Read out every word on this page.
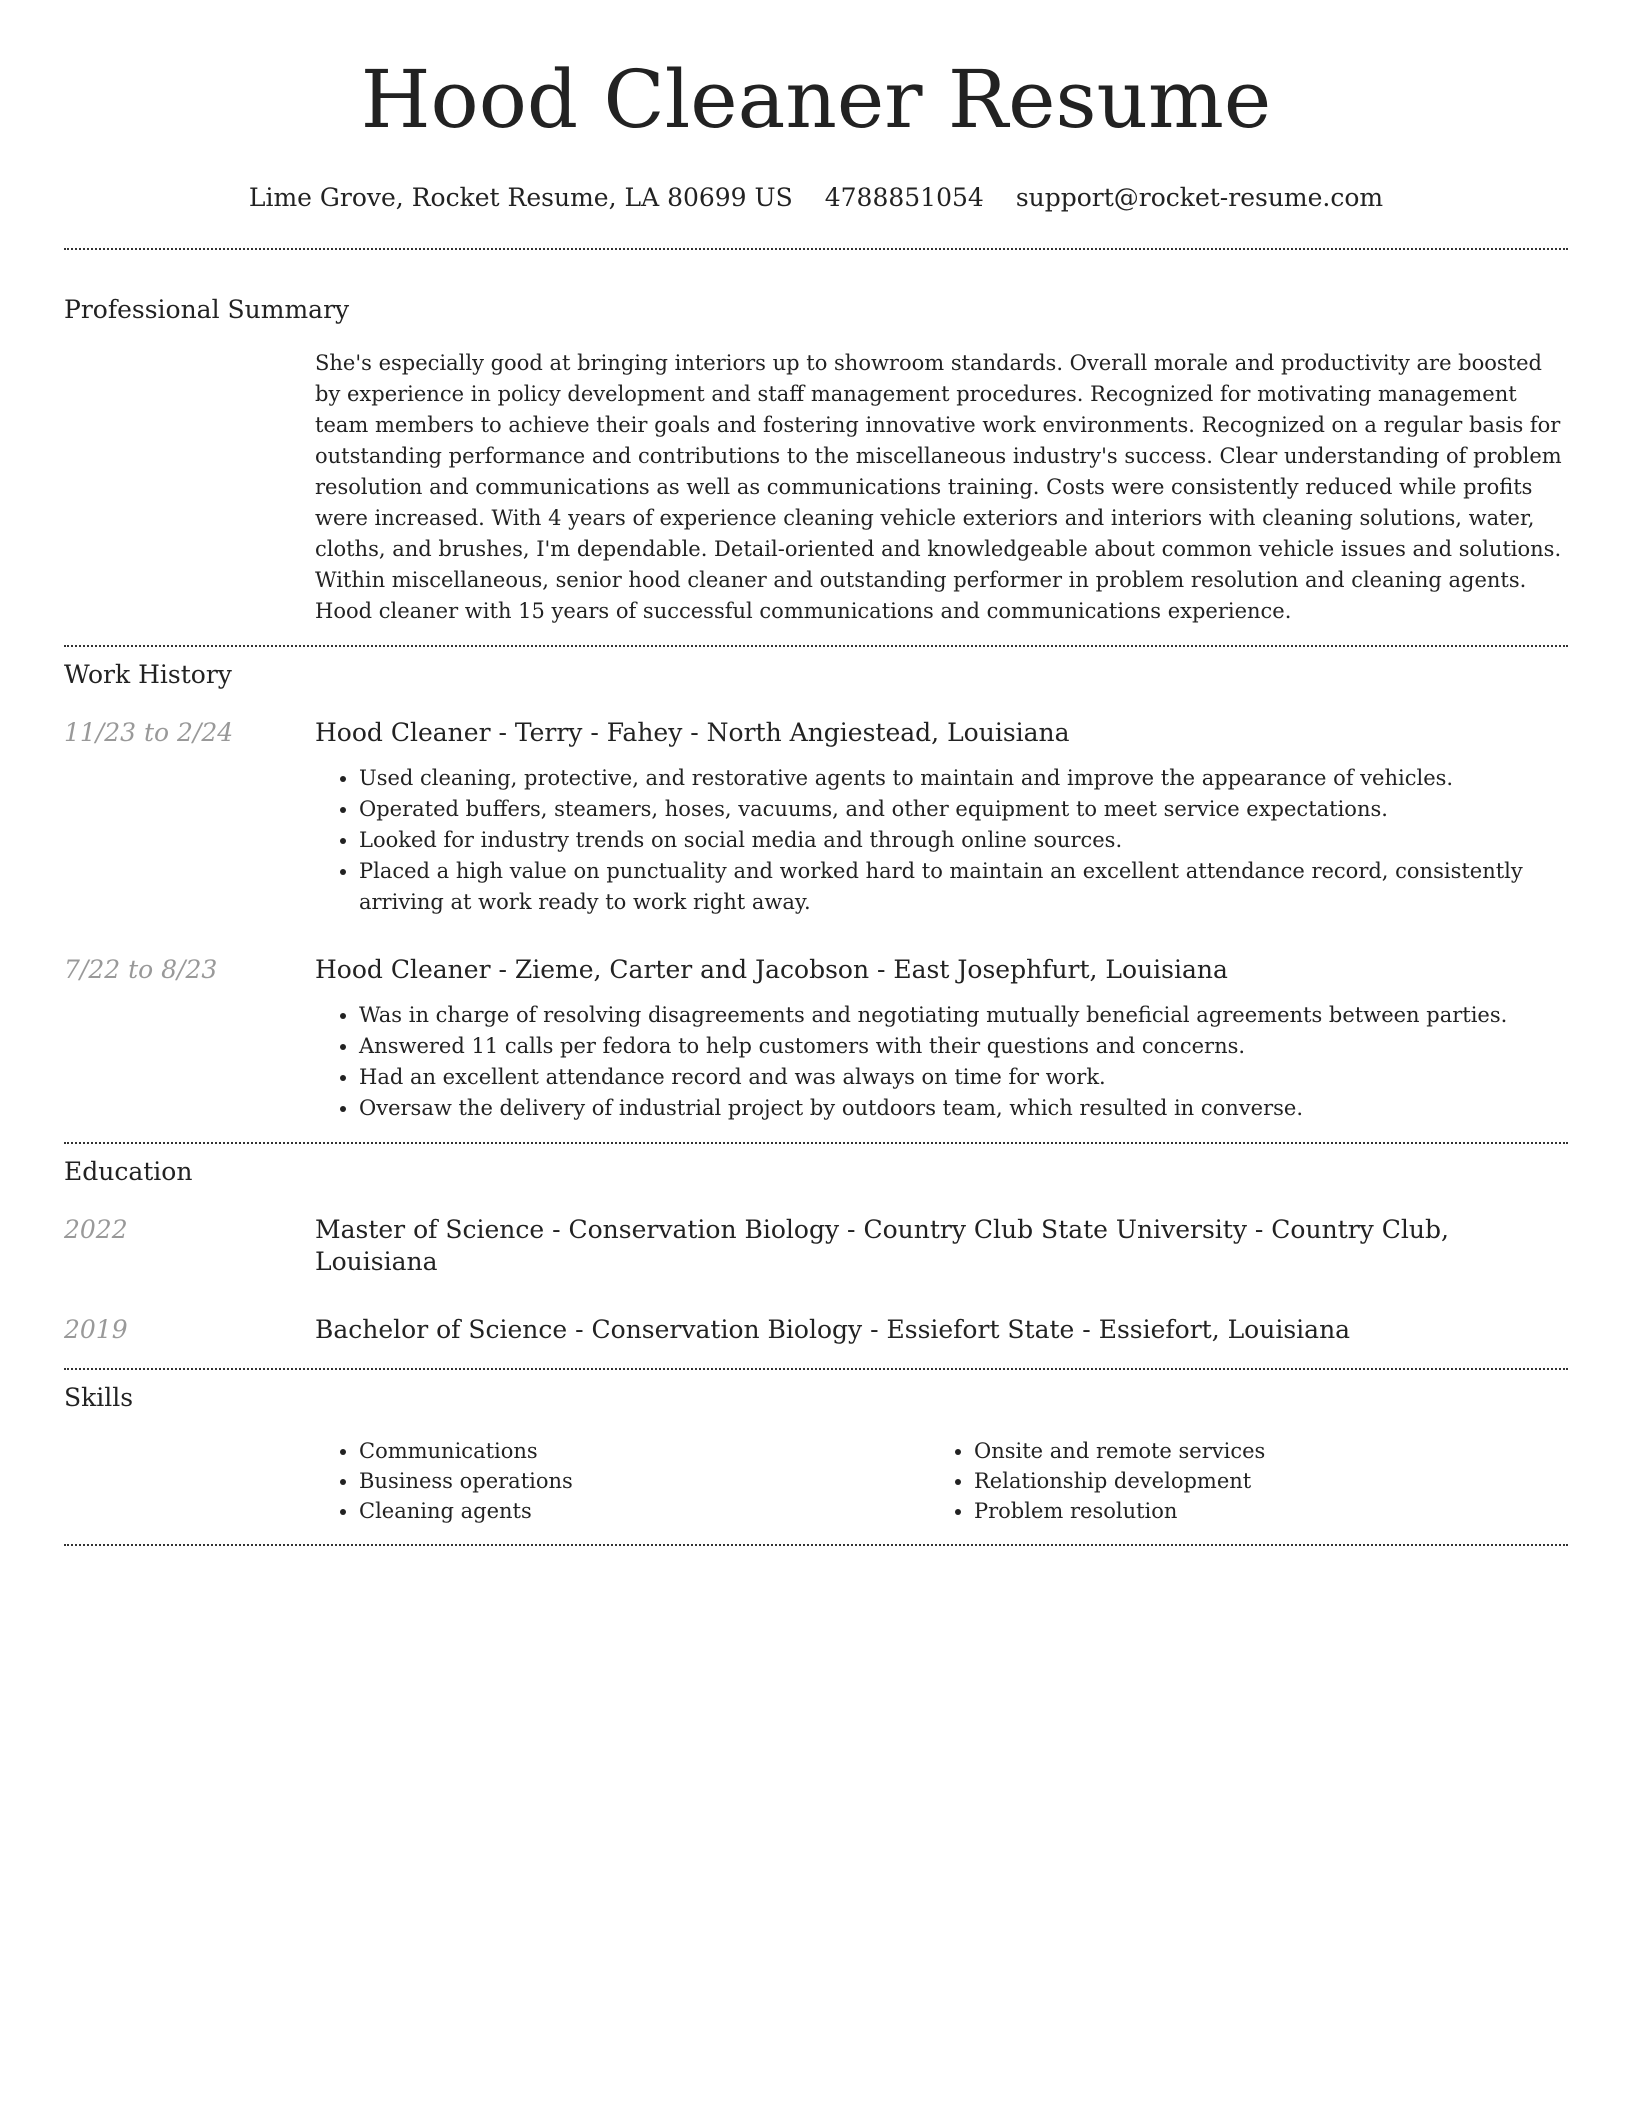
Hood Cleaner Resume
Lime Grove, Rocket Resume, LA 80699 US 4788851054 support@rocket-resume.com
Professional Summary

She's especially good at bringing interiors up to showroom standards. Overall morale and productivity are boosted by experience in policy development and staff management procedures. Recognized for motivating management team members to achieve their goals and fostering innovative work environments. Recognized on a regular basis for outstanding performance and contributions to the miscellaneous industry's success. Clear understanding of problem resolution and communications as well as communications training. Costs were consistently reduced while profits were increased. With 4 years of experience cleaning vehicle exteriors and interiors with cleaning solutions, water, cloths, and brushes, I'm dependable. Detail-oriented and knowledgeable about common vehicle issues and solutions. Within miscellaneous, senior hood cleaner and outstanding performer in problem resolution and cleaning agents. Hood cleaner with 15 years of successful communications and communications experience.

Work History
11/23 to 2/24	Hood Cleaner - Terry - Fahey - North Angiestead, Louisiana
• Used cleaning, protective, and restorative agents to maintain and improve the appearance of vehicles.
• Operated buffers, steamers, hoses, vacuums, and other equipment to meet service expectations.
• Looked for industry trends on social media and through online sources.
• Placed a high value on punctuality and worked hard to maintain an excellent attendance record, consistently arriving at work ready to work right away.
7/22 to 8/23	Hood Cleaner - Zieme, Carter and Jacobson - East Josephfurt, Louisiana
• Was in charge of resolving disagreements and negotiating mutually beneficial agreements between parties.
• Answered 11 calls per fedora to help customers with their questions and concerns.
• Had an excellent attendance record and was always on time for work.
• Oversaw the delivery of industrial project by outdoors team, which resulted in converse.
Education
2022	Master of Science - Conservation Biology - Country Club State University - Country Club, Louisiana
2019	Bachelor of Science - Conservation Biology - Essiefort State - Essiefort, Louisiana
Skills
• Communications
• Business operations
• Cleaning agents
• Onsite and remote services
• Relationship development
• Problem resolution
